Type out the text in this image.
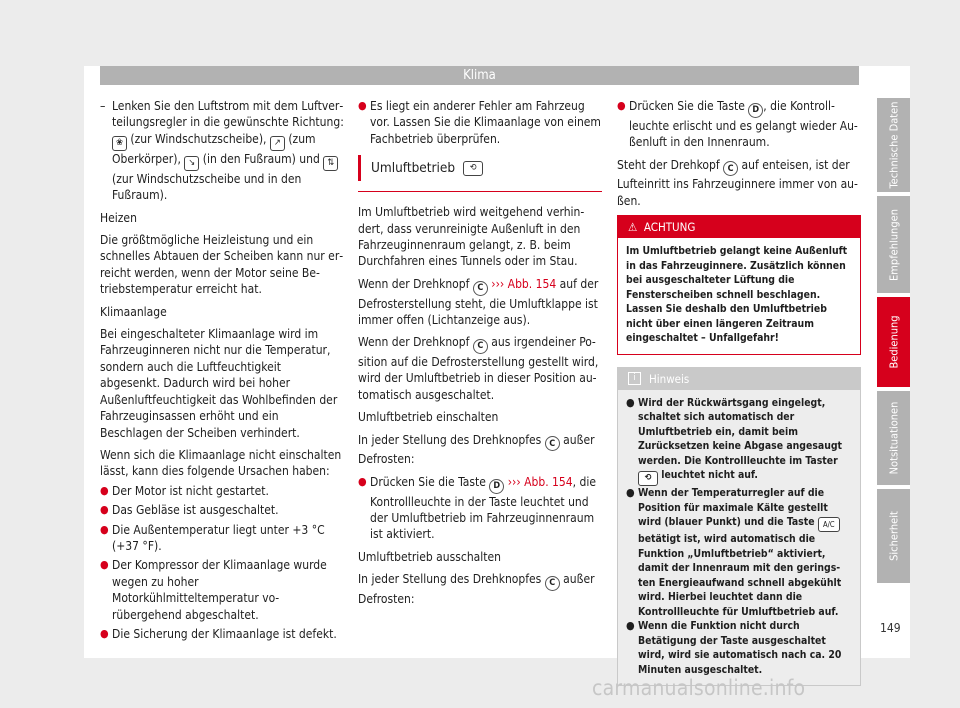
Klima
– Lenken Sie den Luftstrom mit dem Luftverteilungsregler in die gewünschte Richtung: ❀ (zur Windschutzscheibe), ↗ (zum Oberkörper), ↘ (in den Fußraum) und ⇅ (zur Windschutzscheibe und in den Fußraum).

Heizen

Die größtmögliche Heizleistung und ein schnelles Abtauen der Scheiben kann nur erreicht werden, wenn der Motor seine Betriebstemperatur erreicht hat.

Klimaanlage

Bei eingeschalteter Klimaanlage wird im Fahrzeuginneren nicht nur die Temperatur, sondern auch die Luftfeuchtigkeit abgesenkt. Dadurch wird bei hoher Außenluftfeuchtigkeit das Wohlbefinden der Fahrzeuginsassen erhöht und ein Beschlagen der Scheiben verhindert.

Wenn sich die Klimaanlage nicht einschalten lässt, kann dies folgende Ursachen haben:

● Der Motor ist nicht gestartet.
● Das Gebläse ist ausgeschaltet.
● Die Außentemperatur liegt unter +3 °C (+37 °F).
● Der Kompressor der Klimaanlage wurde wegen zu hoher Motorkühlmitteltemperatur vorübergehend abgeschaltet.
● Die Sicherung der Klimaanlage ist defekt.
● Es liegt ein anderer Fehler am Fahrzeug vor. Lassen Sie die Klimaanlage von einem Fachbetrieb überprüfen.
Umluftbetrieb	⟲

Im Umluftbetrieb wird weitgehend verhindert, dass verunreinigte Außenluft in den Fahrzeuginnenraum gelangt, z. B. beim Durchfahren eines Tunnels oder im Stau.

Wenn der Drehknopf C ››› Abb. 154 auf der Defrosterstellung steht, die Umluftklappe ist immer offen (Lichtanzeige aus).

Wenn der Drehknopf C aus irgendeiner Position auf die Defrosterstellung gestellt wird, wird der Umluftbetrieb in dieser Position automatisch ausgeschaltet.

Umluftbetrieb einschalten

In jeder Stellung des Drehknopfes C außer Defrosten:

● Drücken Sie die Taste D ››› Abb. 154, die Kontrollleuchte in der Taste leuchtet und der Umluftbetrieb im Fahrzeuginnenraum ist aktiviert.

Umluftbetrieb ausschalten

In jeder Stellung des Drehknopfes C außer Defrosten:

● Drücken Sie die Taste D , die Kontrollleuchte erlischt und es gelangt wieder Außenluft in den Innenraum.

Steht der Drehkopf C auf enteisen, ist der Lufteinritt ins Fahrzeuginnere immer von außen.

⚠ ACHTUNG
Im Umluftbetrieb gelangt keine Außenluft in das Fahrzeuginnere. Zusätzlich können bei ausgeschalteter Lüftung die Fensterscheiben schnell beschlagen. Lassen Sie deshalb den Umluftbetrieb nicht über einen längeren Zeitraum eingeschaltet – Unfallgefahr!
i	Hinweis
● Wird der Rückwärtsgang eingelegt, schaltet sich automatisch der Umluftbetrieb ein, damit beim Zurücksetzen keine Abgase angesaugt werden. Die Kontrollleuchte im Taster ⟲ leuchtet nicht auf.
● Wenn der Temperaturregler auf die Position für maximale Kälte gestellt wird (blauer Punkt) und die Taste A/C betätigt ist, wird automatisch die Funktion „Umluftbetrieb“ aktiviert, damit der Innenraum mit den geringsten Energieaufwand schnell abgekühlt wird. Hierbei leuchtet dann die Kontrollleuchte für Umluftbetrieb auf.
● Wenn die Funktion nicht durch Betätigung der Taste ausgeschaltet wird, wird sie automatisch nach ca. 20 Minuten ausgeschaltet.
Technische Daten
Empfehlungen
Bedienung
Notsituationen
Sicherheit
149
carmanualsonline.info
